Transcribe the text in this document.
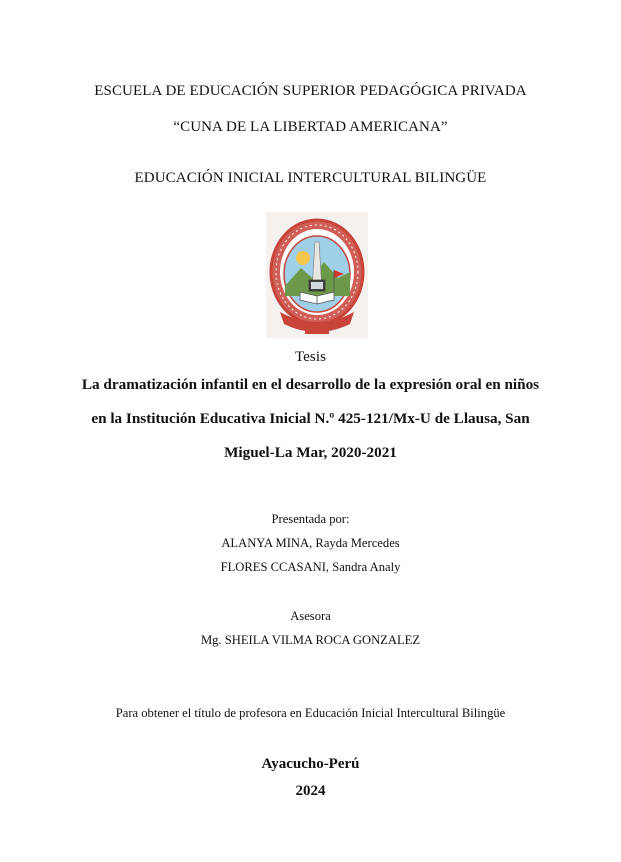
ESCUELA DE EDUCACIÓN SUPERIOR PEDAGÓGICA PRIVADA
“CUNA DE LA LIBERTAD AMERICANA”
EDUCACIÓN INICIAL INTERCULTURAL BILINGÜE
Tesis
La dramatización infantil en el desarrollo de la expresión oral en niños
en la Institución Educativa Inicial N.º 425-121/Mx-U de Llausa, San
Miguel-La Mar, 2020-2021
Presentada por:
ALANYA MINA, Rayda Mercedes
FLORES CCASANI, Sandra Analy
Asesora
Mg. SHEILA VILMA ROCA GONZALEZ
Para obtener el título de profesora en Educación Inicial Intercultural Bilingüe
Ayacucho-Perú
2024
